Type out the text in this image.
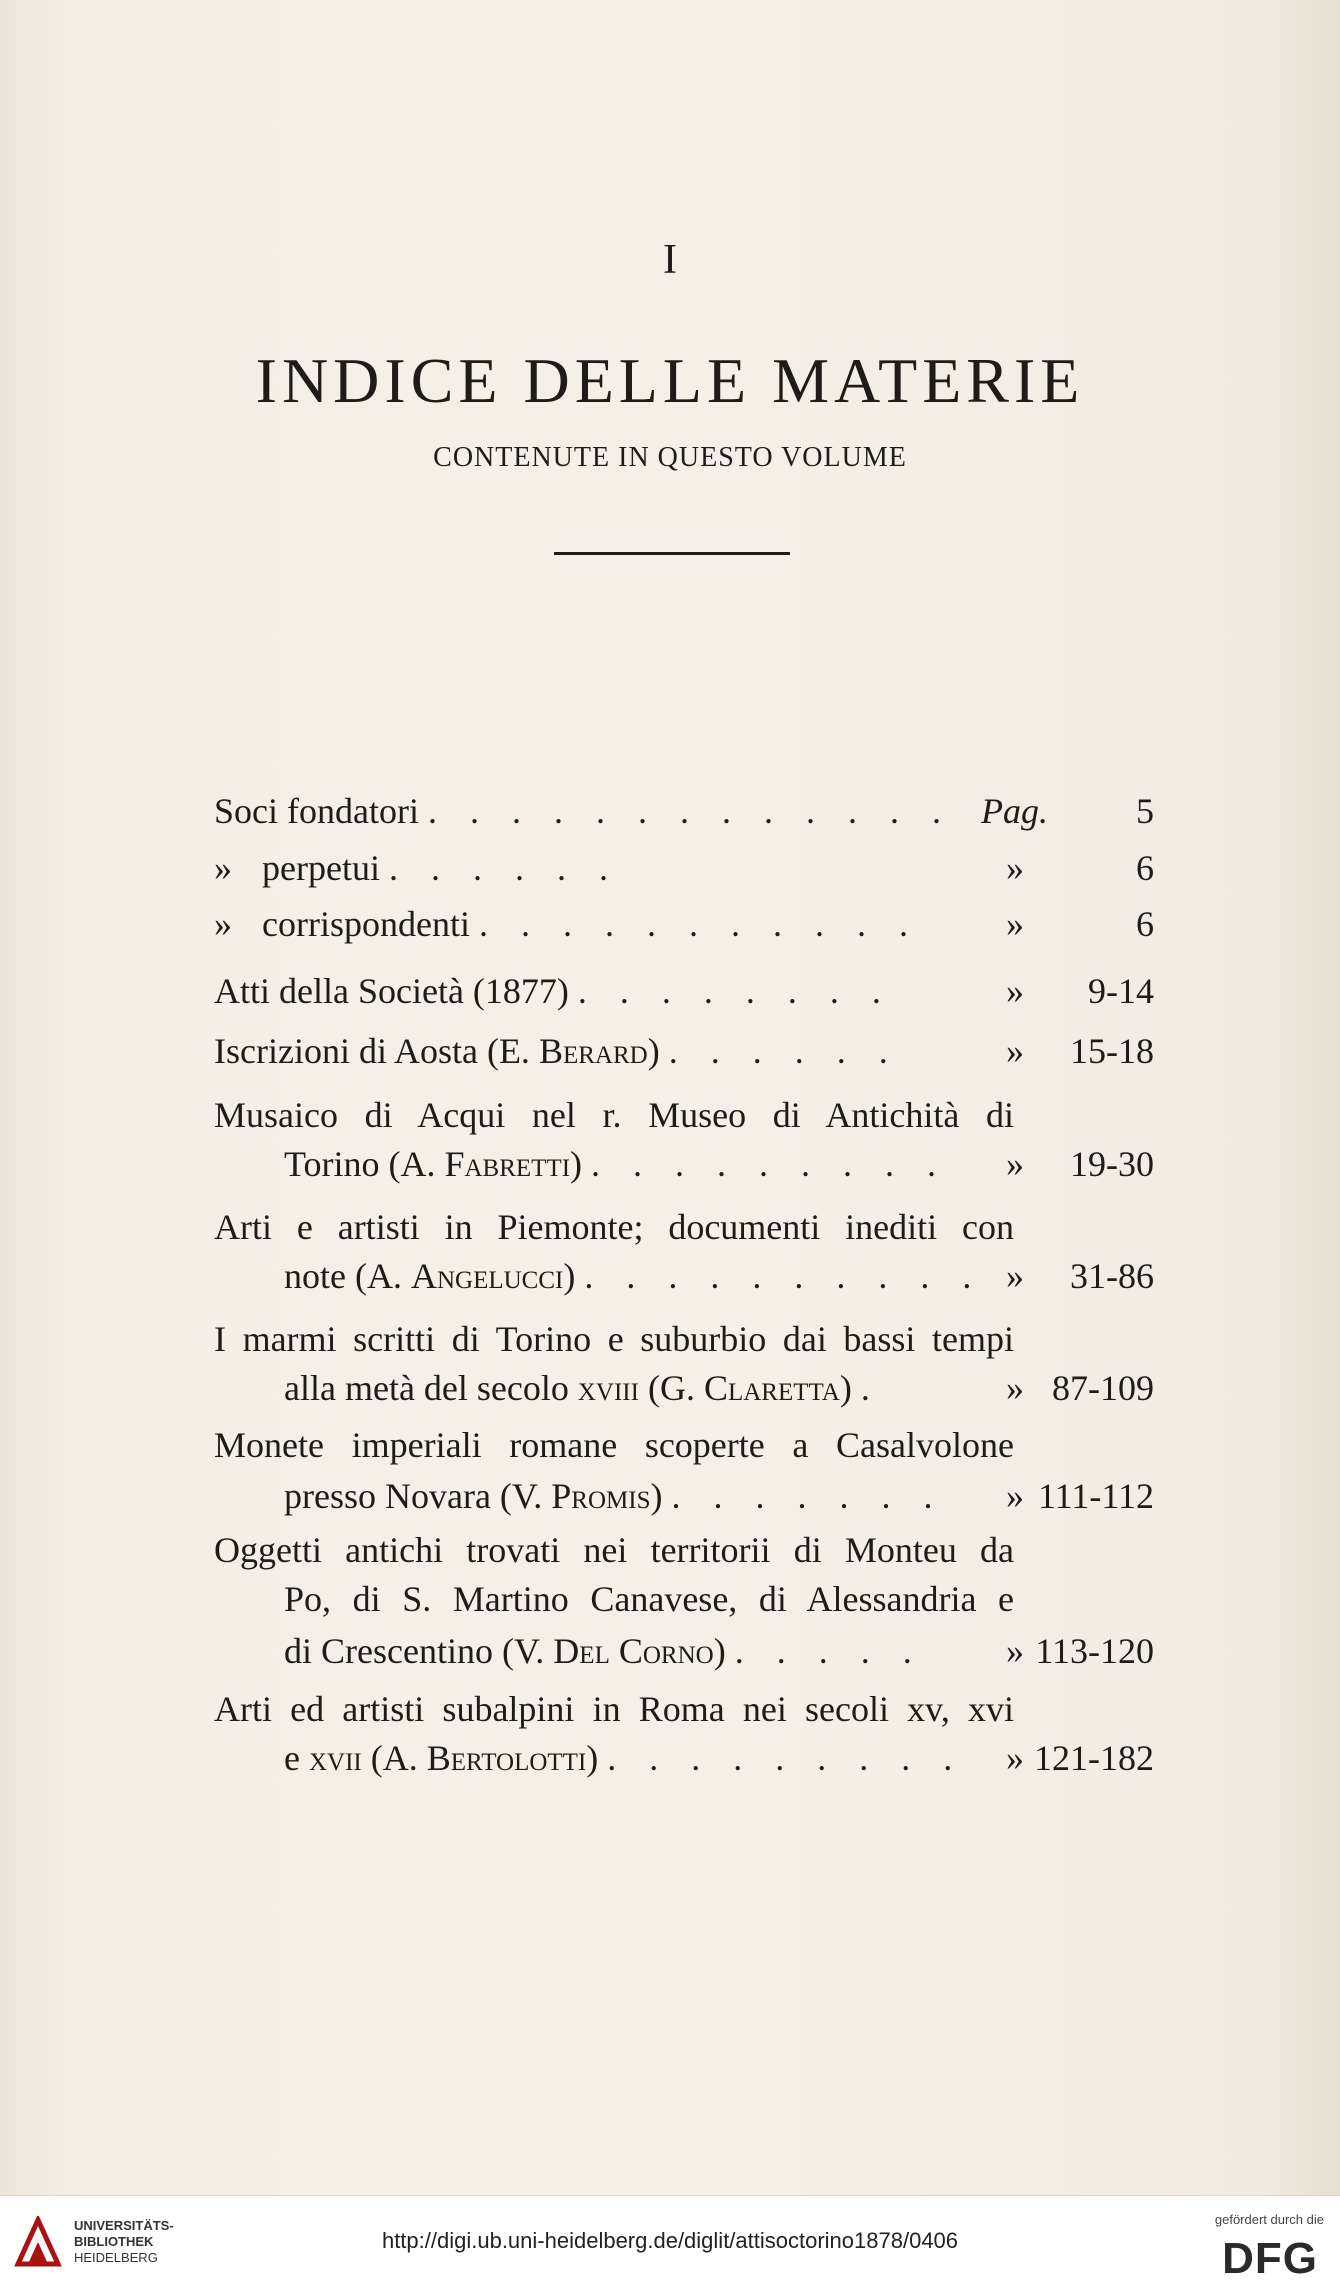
I
INDICE DELLE MATERIE
CONTENUTE IN QUESTO VOLUME
Soci fondatori . . . . . . . . . . . . . Pag. 5
» perpetui . . . . . .	»	6
» corrispondenti . . . . . . . . . . . »	6
Atti della Società (1877) . . . . . . . .	» 9-14
Iscrizioni di Aosta (E. Berard) . . . . . .	» 15-18
Musaico di Acqui nel r. Museo di Antichità di
Torino (A. Fabretti) . . . . . . . . . » 19-30
Arti e artisti in Piemonte; documenti inediti con
note (A. Angelucci) . . . . . . . . . . » 31-86
I marmi scritti di Torino e suburbio dai bassi tempi
alla metà del secolo xviii (G. Claretta) .	» 87-109
Monete imperiali romane scoperte a Casalvolone
presso Novara (V. Promis) . . . . . . . » 111-112
Oggetti antichi trovati nei territorii di Monteu da
Po, di S. Martino Canavese, di Alessandria e
di Crescentino (V. Del Corno) . . . . . » 113-120
Arti ed artisti subalpini in Roma nei secoli xv, xvi
e xvii (A. Bertolotti) . . . . . . . . . » 121-182
UNIVERSITÄTS-
BIBLIOTHEK
HEIDELBERG
http://digi.ub.uni-heidelberg.de/diglit/attisoctorino1878/0406
gefördert durch die
DFG
